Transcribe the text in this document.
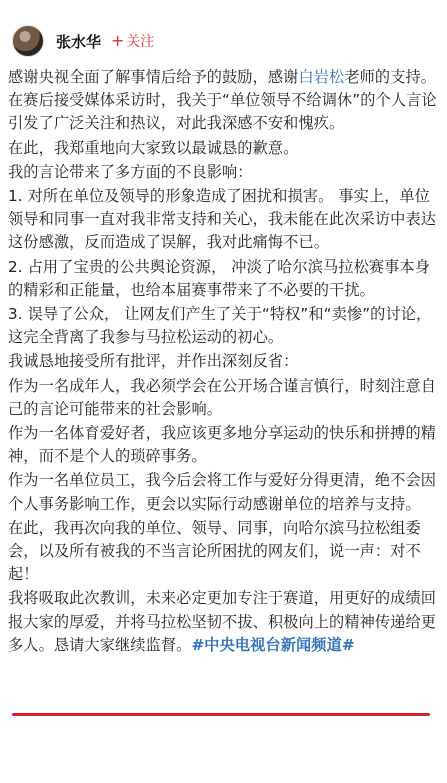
张水华 + 关注

感谢央视全面了解事情后给予的鼓励，感谢白岩松老师的支持。在赛后接受媒体采访时，我关于“单位领导不给调休”的个人言论引发了广泛关注和热议，对此我深感不安和愧疚。

在此，我郑重地向大家致以最诚恳的歉意。

我的言论带来了多方面的不良影响：

1. 对所在单位及领导的形象造成了困扰和损害。 事实上，单位领导和同事一直对我非常支持和关心，我未能在此次采访中表达这份感激，反而造成了误解，我对此痛悔不已。

2. 占用了宝贵的公共舆论资源， 冲淡了哈尔滨马拉松赛事本身的精彩和正能量，也给本届赛事带来了不必要的干扰。

3. 误导了公众， 让网友们产生了关于“特权”和“卖惨”的讨论，这完全背离了我参与马拉松运动的初心。

我诚恳地接受所有批评，并作出深刻反省：

作为一名成年人，我必须学会在公开场合谨言慎行，时刻注意自己的言论可能带来的社会影响。

作为一名体育爱好者，我应该更多地分享运动的快乐和拼搏的精神，而不是个人的琐碎事务。

作为一名单位员工，我今后会将工作与爱好分得更清，绝不会因个人事务影响工作，更会以实际行动感谢单位的培养与支持。

在此，我再次向我的单位、领导、同事，向哈尔滨马拉松组委会，以及所有被我的不当言论所困扰的网友们，说一声：对不起！

我将吸取此次教训，未来必定更加专注于赛道，用更好的成绩回报大家的厚爱，并将马拉松坚韧不拔、积极向上的精神传递给更多人。恳请大家继续监督。#中央电视台新闻频道#
